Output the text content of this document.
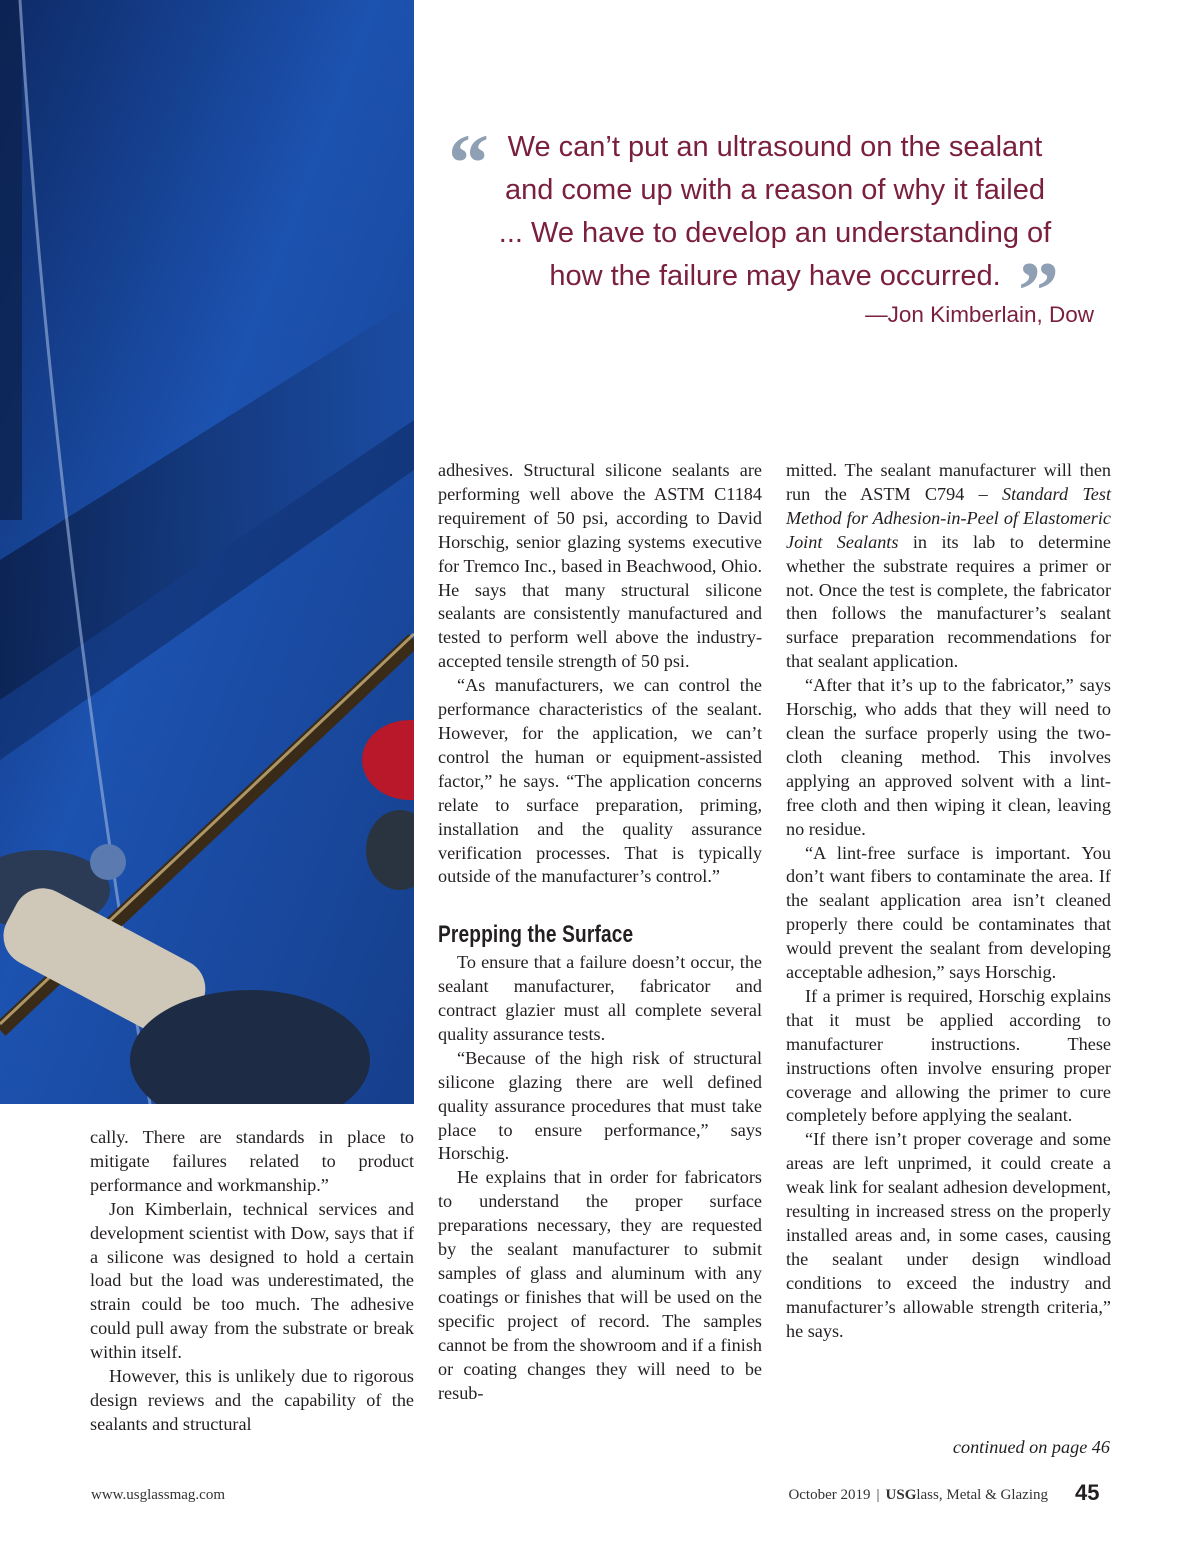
“ We can’t put an ultrasound on the sealant
and come up with a reason of why it failed
... We have to develop an understanding of
how the failure may have occurred. ”
—Jon Kimberlain, Dow

cally. There are standards in place to mitigate failures related to product performance and workmanship.”

Jon Kimberlain, technical services and development scientist with Dow, says that if a silicone was designed to hold a certain load but the load was underestimated, the strain could be too much. The adhesive could pull away from the substrate or break within itself.

However, this is unlikely due to rigorous design reviews and the capability of the sealants and structural

adhesives. Structural silicone sealants are performing well above the ASTM C1184 requirement of 50 psi, according to David Horschig, senior glazing systems executive for Tremco Inc., based in Beachwood, Ohio. He says that many structural silicone sealants are consistently manufactured and tested to perform well above the industry-accepted tensile strength of 50 psi.

“As manufacturers, we can control the performance characteristics of the sealant. However, for the application, we can’t control the human or equipment-assisted factor,” he says. “The application concerns relate to surface preparation, priming, installation and the quality assurance verification processes. That is typically outside of the manufacturer’s control.”

Prepping the Surface

To ensure that a failure doesn’t occur, the sealant manufacturer, fabricator and contract glazier must all complete several quality assurance tests.

“Because of the high risk of structural silicone glazing there are well defined quality assurance procedures that must take place to ensure performance,” says Horschig.

He explains that in order for fabricators to understand the proper surface preparations necessary, they are requested by the sealant manufacturer to submit samples of glass and aluminum with any coatings or finishes that will be used on the specific project of record. The samples cannot be from the showroom and if a finish or coating changes they will need to be resub-

mitted. The sealant manufacturer will then run the ASTM C794 – Standard Test Method for Adhesion-in-Peel of Elastomeric Joint Sealants in its lab to determine whether the substrate requires a primer or not. Once the test is complete, the fabricator then follows the manufacturer’s sealant surface preparation recommendations for that sealant application.

“After that it’s up to the fabricator,” says Horschig, who adds that they will need to clean the surface properly using the two-cloth cleaning method. This involves applying an approved solvent with a lint-free cloth and then wiping it clean, leaving no residue.

“A lint-free surface is important. You don’t want fibers to contaminate the area. If the sealant application area isn’t cleaned properly there could be contaminates that would prevent the sealant from developing acceptable adhesion,” says Horschig.

If a primer is required, Horschig explains that it must be applied according to manufacturer instructions. These instructions often involve ensuring proper coverage and allowing the primer to cure completely before applying the sealant.

“If there isn’t proper coverage and some areas are left unprimed, it could create a weak link for sealant adhesion development, resulting in increased stress on the properly installed areas and, in some cases, causing the sealant under design windload conditions to exceed the industry and manufacturer’s allowable strength criteria,” he says.

continued on page 46
www.usglassmag.com	October 2019 | USGlass, Metal & Glazing 45
